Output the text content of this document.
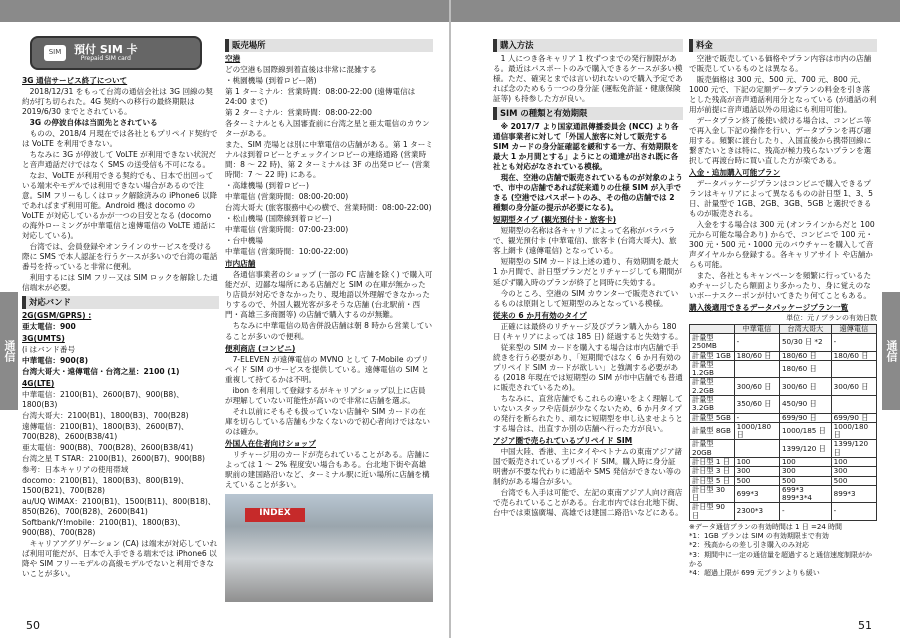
通信
SIM	預付 SIM 卡
Prepaid SIM card
3G 通信サービス終了について

2018/12/31 をもって台湾の通信会社は 3G 回線の契約が打ち切られた。4G 契約への移行の最終期限は 2019/6/30 までとされている。

3G の停波自体は当面先とされている

ものの、2018/4 月現在では各社ともプリペイド契約では VoLTE を利用できない。

ちなみに 3G が停波して VoLTE が利用できない状況だと音声通話だけではなく SMS の送受信も不可になる。

なお、VoLTE が利用できる契約でも、日本で出回っている端末やモデルでは利用できない場合があるので注意。SIM フリーもしくはロック解除済みの iPhone6 以降であればまず利用可能。Android 機は docomo の VoLTE が対応しているかが一つの目安となる (docomo の海外ローミングが中華電信と遠傳電信の VoLTE 通話に対応している)。

台湾では、会員登録やオンラインのサービスを受ける際に SMS で本人認証を行うケースが多いので台湾の電話番号を持っていると非常に便利。

利用するには SIM フリー又は SIM ロックを解除した通信端末が必要。

対応バンド
2G(GSM/GPRS) :
亜太電信：900
3G(UMTS)

(i はバンド番号

中華電信：900(8)
台湾大哥大・遠傳電信・台湾之星：2100 (1)
4G(LTE)

中華電信：2100(B1)、2600(B7)、900(B8)、1800(B3)

台湾大哥大：2100(B1)、1800(B3)、700(B28)

遠傳電信：2100(B1)、1800(B3)、2600(B7)、700(B28)、2600(B38/41)

亜太電信：900(B8)、700(B28)、2600(B38/41)

台湾之星 T STAR：2100(B1)、2600(B7)、900(B8)

参考：日本キャリアの使用帯域

docomo：2100(B1)、1800(B3)、800(B19)、1500(B21)、700(B28)

au/UQ WiMAX：2100(B1)、1500(B11)、800(B18)、850(B26)、700(B28)、2600(B41)

Softbank/Y!mobile：2100(B1)、1800(B3)、900(B8)、700(B28)

キャリアアグリゲーション (CA) は端末が対応していれば利用可能だが、日本で入手できる端末では iPhone6 以降や SIM フリーモデルの高級モデルでないと利用できないことが多い。

販売場所
空港

どの空港も国際線到着直後は非常に混雑する

・桃園機場 (到着ロビー階)

第 1 ターミナル：営業時間：08:00-22:00 (遠傳電信は 24:00 まで)

第 2 ターミナル：営業時間：08:00-22:00

各ターミナルとも入国審査前に台湾之星と亜太電信のカウンターがある。

また、SIM 売場とは別に中華電信の店舗がある。第 1 ターミナルは到着ロビーとチェックインロビーの連絡通路 (営業時間：8 〜 22 時)、第 2 ターミナルは 3F の出発ロビー (営業時間：7 〜 22 時) にある。

・高雄機場 (到着ロビー)

中華電信 (営業時間：08:00-20:00)

台湾大哥大 (旅客服務中心の横で、営業時間：08:00-22:00)

・松山機場 (国際線到着ロビー)

中華電信 (営業時間：07:00-23:00)

・台中機場

中華電信 (営業時間：10:00-22:00)

市内店舗

各通信事業者のショップ (一部の FC 店舗を除く) で購入可能だが、辺鄙な場所にある店舗だと SIM の在庫が無かったり店員が対応できなかったり、現地語以外理解できなかったりするので、外国人観光客が多そうな店舗 (台北駅前・西門・高雄三多商圏等) の店舗で購入するのが無難。

ちなみに中華電信の局舎併設店舗は朝 8 時から営業していることが多いので便利。

便利商店 (コンビニ)

7-ELEVEN が遠傳電信の MVNO として 7-Mobile のプリペイド SIM のサービスを提供している。遠傳電信の SIM と重複して持てるかは不明。

ibon を利用して登録するがキャリアショップ以上に店員が理解していない可能性が高いので非常に店舗を選ぶ。

それ以前にそもそも扱っていない店舗や SIM カードの在庫を切らしている店舗も少なくないので初心者向けではないのは確か。

外国人在住者向けショップ

リチャージ用のカードが売られていることがある。店舗によっては 1 〜 2% 程度安い場合もある。台北地下街や高雄駅前の建国路沿いなど、ターミナル駅に近い場所に店舗を構えていることが多い。

INDEX
50
購入方法

1 人につき各キャリア 1 枚ずつまでの発行制限がある。最近はパスポートのみで購入できるケースが多い模様。ただ、確実とまでは言い切れないので購入予定であれば念のためもう一つの身分証 (運転免許証・健康保険証等) も持参した方が良い。

SIM の種類と有効期限

※ 2017/7 より国家通訊傳播委員会 (NCC) より各通信事業者に対して「外国人旅客に対して販売する SIM カードの身分証確認を緩和する一方、有効期限を最大 1 か月間とする」ようにとの通達が出され既に各社とも対応がなされている模様。

現在、空港の店舗で販売されているものが対象のようで、市中の店舗であれば従来通りの仕様 SIM が入手できる (空港ではパスポートのみ、その他の店舗では 2 種類の身分証の提示が必要になる)。

短期型タイプ (観光預付卡・旅客卡)

短期型の名称は各キャリアによって名称がバラバラで、観光預付卡 (中華電信)、旅客卡 (台湾大哥大)、旅客上網卡 (遠傳電信) となっている。

短期型の SIM カードは上述の通り、有効期間を最大 1 か月間で、計日型プランだとリチャージしても期間が延びず購入時のプランが終了と同時に失効する。

今のところ、空港の SIM カウンターで販売されているものは原則として短期型のみとなっている模様。

従来の 6 か月有効のタイプ

正確には最終のリチャージ及びプラン購入から 180 日 (キャリアによっては 185 日) 経過すると失効する。

従来型の SIM カードを購入する場合は市内店舗で手続きを行う必要があり、「短期間ではなく 6 か月有効のプリペイド SIM カードが欲しい」と強調する必要がある (2018 年現在では短期型の SIM が市中店舗でも普通に販売されているため)。

ちなみに、直営店舗でもこれらの違いをよく理解していないスタッフや店員が少なくないため、6 か月タイプの発行を断られたり、頑なに短期型を申し込ませようとする場合は、出直すか別の店舗へ行った方が良い。

アジア圏で売られているプリペイド SIM

中国大陸、香港、主にタイやベトナムの東南アジア諸国で販売されているプリペイド SIM。購入時に身分証明書が不要な代わりに通話や SMS 発信ができない等の制約がある場合が多い。

台湾でも入手は可能で、左記の東南アジア人向け商店で売られていることがある。台北市内では台北地下街、台中では東協廣場、高雄では建国二路沿いなどにある。

料金

空港で販売している価格やプラン内容は市内の店舗で販売しているものとは異なる。

販売価格は 300 元、500 元、700 元、800 元、1000 元で、下記の定額データプランの料金を引き落とした残高が音声通話利用分となっている (が通話の利用が前提に音声通話以外の用途にも利用可能)。

データプラン終了後使い続ける場合は、コンビニ等で再入金し下記の操作を行い、データプランを再び適用する。頻繁に渡台したり、入国直後から携帯回線に繋ぎたいときは特に、残高が極力残らないプランを選択して再渡台時に買い直した方が楽である。

入金・追加購入可能プラン

データパッケージプランはコンビニで購入できるプランはキャリアによって異なるものの計日型 1、3、5 日、計量型で 1GB、2GB、3GB、5GB と選択できるものが販売される。

入金をする場合は 300 元 (オンラインからだと 100 元から可能な場合あり) からで、コンビニで 100 元・300 元・500 元・1000 元のバウチャーを購入して音声ダイヤルから登録する。各キャリアサイト や店舗からも可能。

また、各社ともキャンペーンを頻繁に行っているためチャージしたら額面より多かったり、身に覚えのないボーナスクーポンが付いてきたり何てこともある。

購入後適用できるデータパッケージプラン一覧
単位：元 / プランの有効日数
	中華電信	台湾大哥大	遠傳電信
計量型 250MB	-	50/30 日 *2	-
計量型 1GB	180/60 日	180/60 日	180/60 日
計量型 1.2GB		180/60 日	
計量型 2.2GB	300/60 日	300/60 日	300/60 日
計量型 3.2GB	350/60 日	450/90 日	
計量型 5GB	-	699/90 日	699/90 日
計量型 8GB	1000/180 日	1000/185 日	1000/180 日
計量型 20GB		1399/120 日	1399/120 日
計日型 1 日	100	100	100
計日型 3 日	300	300	300
計日型 5 日	500	500	500
計日型 30 日	699*3	699*3 899*3*4	899*3
計日型 90 日	2300*3	-	-
※データ通信プランの有効時間は 1 日 =24 時間
*1：1GB プランは SIM の有効期限まで有効
*2：残高からの差し引き購入のみ対応
*3：期間中に一定の通信量を超過すると通信速度制限がかかる
*4：超過上限が 699 元プランよりも緩い
通信
51
